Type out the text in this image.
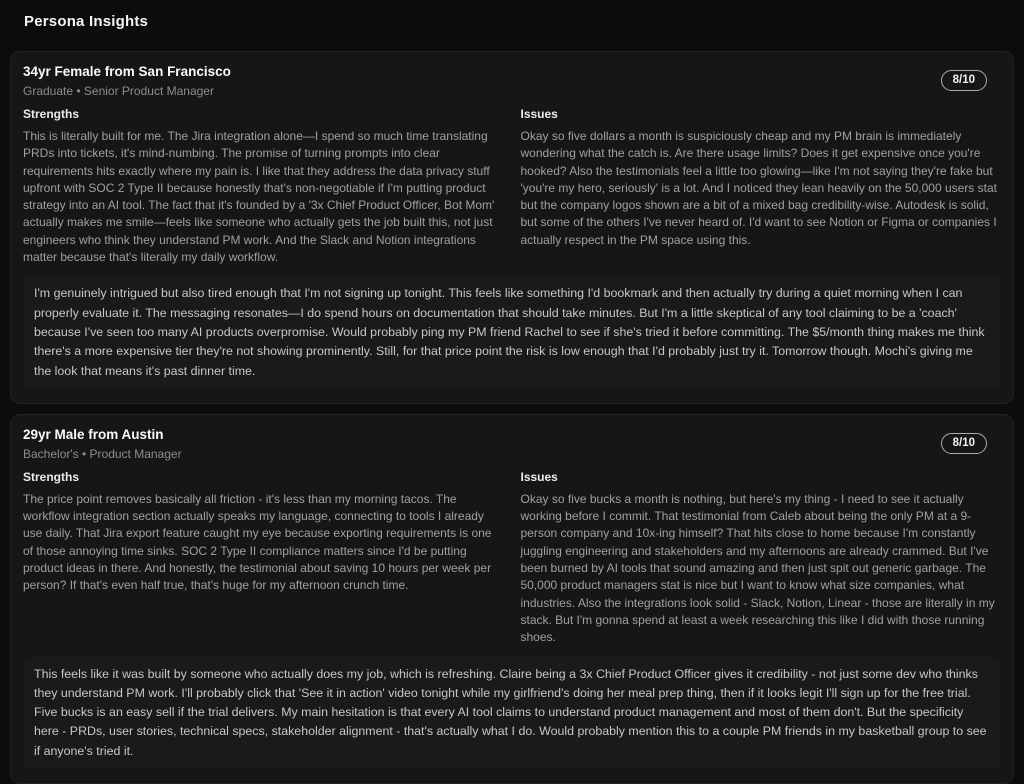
Persona Insights
34yr Female from San Francisco
Graduate • Senior Product Manager
8/10
Strengths
This is literally built for me. The Jira integration alone—I spend so much time translating PRDs into tickets, it's mind-numbing. The promise of turning prompts into clear requirements hits exactly where my pain is. I like that they address the data privacy stuff upfront with SOC 2 Type II because honestly that's non-negotiable if I'm putting product strategy into an AI tool. The fact that it's founded by a '3x Chief Product Officer, Bot Mom' actually makes me smile—feels like someone who actually gets the job built this, not just engineers who think they understand PM work. And the Slack and Notion integrations matter because that's literally my daily workflow.
Issues
Okay so five dollars a month is suspiciously cheap and my PM brain is immediately wondering what the catch is. Are there usage limits? Does it get expensive once you're hooked? Also the testimonials feel a little too glowing—like I'm not saying they're fake but 'you're my hero, seriously' is a lot. And I noticed they lean heavily on the 50,000 users stat but the company logos shown are a bit of a mixed bag credibility-wise. Autodesk is solid, but some of the others I've never heard of. I'd want to see Notion or Figma or companies I actually respect in the PM space using this.
I'm genuinely intrigued but also tired enough that I'm not signing up tonight. This feels like something I'd bookmark and then actually try during a quiet morning when I can properly evaluate it. The messaging resonates—I do spend hours on documentation that should take minutes. But I'm a little skeptical of any tool claiming to be a 'coach' because I've seen too many AI products overpromise. Would probably ping my PM friend Rachel to see if she's tried it before committing. The $5/month thing makes me think there's a more expensive tier they're not showing prominently. Still, for that price point the risk is low enough that I'd probably just try it. Tomorrow though. Mochi's giving me the look that means it's past dinner time.
29yr Male from Austin
Bachelor's • Product Manager
8/10
Strengths
The price point removes basically all friction - it's less than my morning tacos. The workflow integration section actually speaks my language, connecting to tools I already use daily. That Jira export feature caught my eye because exporting requirements is one of those annoying time sinks. SOC 2 Type II compliance matters since I'd be putting product ideas in there. And honestly, the testimonial about saving 10 hours per week per person? If that's even half true, that's huge for my afternoon crunch time.
Issues
Okay so five bucks a month is nothing, but here's my thing - I need to see it actually working before I commit. That testimonial from Caleb about being the only PM at a 9-person company and 10x-ing himself? That hits close to home because I'm constantly juggling engineering and stakeholders and my afternoons are already crammed. But I've been burned by AI tools that sound amazing and then just spit out generic garbage. The 50,000 product managers stat is nice but I want to know what size companies, what industries. Also the integrations look solid - Slack, Notion, Linear - those are literally in my stack. But I'm gonna spend at least a week researching this like I did with those running shoes.
This feels like it was built by someone who actually does my job, which is refreshing. Claire being a 3x Chief Product Officer gives it credibility - not just some dev who thinks they understand PM work. I'll probably click that 'See it in action' video tonight while my girlfriend's doing her meal prep thing, then if it looks legit I'll sign up for the free trial. Five bucks is an easy sell if the trial delivers. My main hesitation is that every AI tool claims to understand product management and most of them don't. But the specificity here - PRDs, user stories, technical specs, stakeholder alignment - that's actually what I do. Would probably mention this to a couple PM friends in my basketball group to see if anyone's tried it.
